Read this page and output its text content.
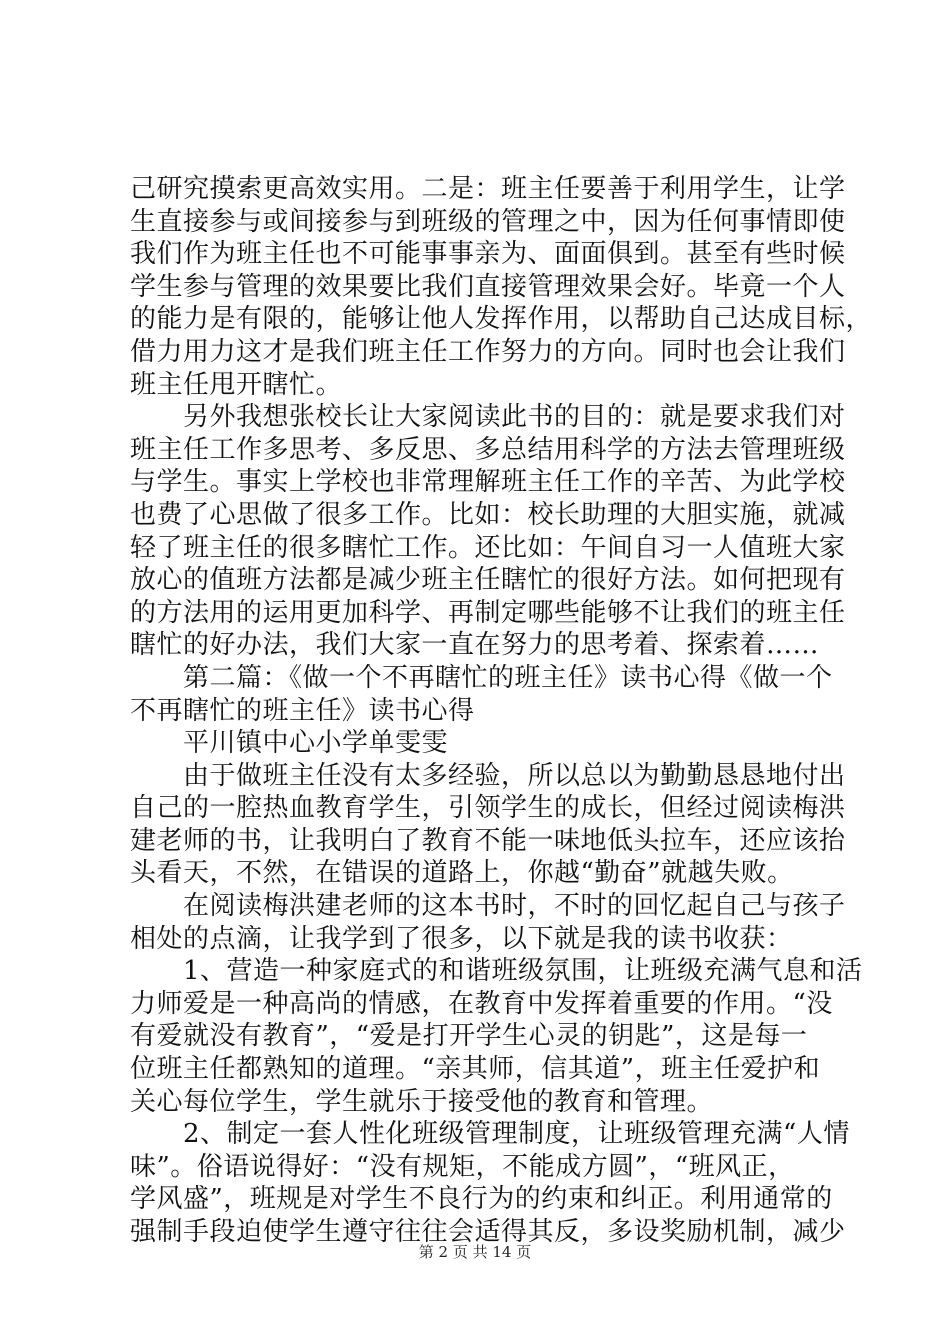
己研究摸索更高效实用。二是：班主任要善于利用学生，让学
生直接参与或间接参与到班级的管理之中，因为任何事情即使
我们作为班主任也不可能事事亲为、面面俱到。甚至有些时候
学生参与管理的效果要比我们直接管理效果会好。毕竟一个人
的能力是有限的，能够让他人发挥作用，以帮助自己达成目标，
借力用力这才是我们班主任工作努力的方向。同时也会让我们
班主任甩开瞎忙。
　　另外我想张校长让大家阅读此书的目的：就是要求我们对
班主任工作多思考、多反思、多总结用科学的方法去管理班级
与学生。事实上学校也非常理解班主任工作的辛苦、为此学校
也费了心思做了很多工作。比如：校长助理的大胆实施，就减
轻了班主任的很多瞎忙工作。还比如：午间自习一人值班大家
放心的值班方法都是减少班主任瞎忙的很好方法。如何把现有
的方法用的运用更加科学、再制定哪些能够不让我们的班主任
瞎忙的好办法，我们大家一直在努力的思考着、探索着……
　　第二篇：《做一个不再瞎忙的班主任》读书心得《做一个
不再瞎忙的班主任》读书心得
　　平川镇中心小学单雯雯
　　由于做班主任没有太多经验，所以总以为勤勤恳恳地付出
自己的一腔热血教育学生，引领学生的成长，但经过阅读梅洪
建老师的书，让我明白了教育不能一味地低头拉车，还应该抬
头看天，不然，在错误的道路上，你越“勤奋”就越失败。
　　在阅读梅洪建老师的这本书时，不时的回忆起自己与孩子
相处的点滴，让我学到了很多，以下就是我的读书收获：
　　1、营造一种家庭式的和谐班级氛围，让班级充满气息和活
力师爱是一种高尚的情感，在教育中发挥着重要的作用。“没
有爱就没有教育”，“爱是打开学生心灵的钥匙”，这是每一
位班主任都熟知的道理。“亲其师，信其道”，班主任爱护和
关心每位学生，学生就乐于接受他的教育和管理。
　　2、制定一套人性化班级管理制度，让班级管理充满“人情
味”。俗语说得好：“没有规矩，不能成方圆”，“班风正，
学风盛”，班规是对学生不良行为的约束和纠正。利用通常的
强制手段迫使学生遵守往往会适得其反，多设奖励机制，减少
第 2 页 共 14 页
